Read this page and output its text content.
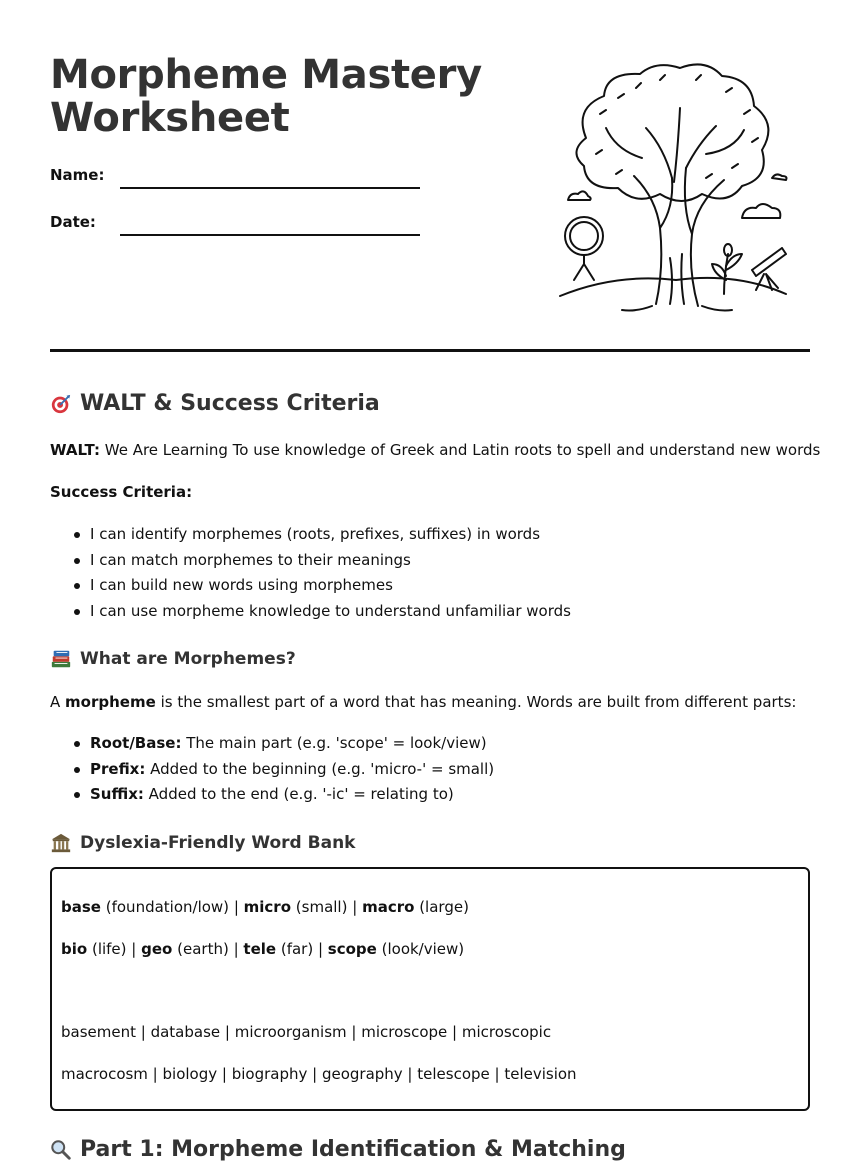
Morpheme Mastery
Worksheet
Name:
Date:
WALT & Success Criteria

WALT: We Are Learning To use knowledge of Greek and Latin roots to spell and understand new words

Success Criteria:

I can identify morphemes (roots, prefixes, suffixes) in words
I can match morphemes to their meanings
I can build new words using morphemes
I can use morpheme knowledge to understand unfamiliar words
What are Morphemes?

A morpheme is the smallest part of a word that has meaning. Words are built from different parts:

Root/Base: The main part (e.g. 'scope' = look/view)
Prefix: Added to the beginning (e.g. 'micro-' = small)
Suffix: Added to the end (e.g. '-ic' = relating to)
Dyslexia-Friendly Word Bank
base (foundation/low) | micro (small) | macro (large)
bio (life) | geo (earth) | tele (far) | scope (look/view)
basement | database | microorganism | microscope | microscopic
macrocosm | biology | biography | geography | telescope | television
Part 1: Morpheme Identification & Matching
